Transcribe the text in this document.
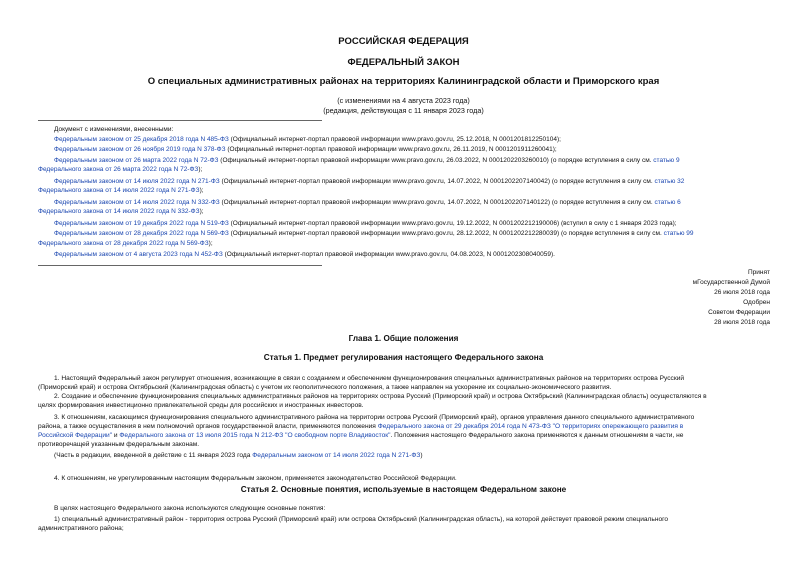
РОССИЙСКАЯ ФЕДЕРАЦИЯ
ФЕДЕРАЛЬНЫЙ ЗАКОН
О специальных административных районах на территориях Калининградской области и Приморского края
(с изменениями на 4 августа 2023 года)
(редакция, действующая с 11 января 2023 года)
Документ с изменениями, внесенными:
Федеральным законом от 25 декабря 2018 года N 485-ФЗ (Официальный интернет-портал правовой информации www.pravo.gov.ru, 25.12.2018, N 0001201812250104);
Федеральным законом от 26 ноября 2019 года N 378-ФЗ (Официальный интернет-портал правовой информации www.pravo.gov.ru, 26.11.2019, N 0001201911260041);
Федеральным законом от 26 марта 2022 года N 72-ФЗ (Официальный интернет-портал правовой информации www.pravo.gov.ru, 26.03.2022, N 0001202203260010) (о порядке вступления в силу см. статью 9
Федерального закона от 26 марта 2022 года N 72-ФЗ);
Федеральным законом от 14 июля 2022 года N 271-ФЗ (Официальный интернет-портал правовой информации www.pravo.gov.ru, 14.07.2022, N 0001202207140042) (о порядке вступления в силу см. статью 32
Федерального закона от 14 июля 2022 года N 271-ФЗ);
Федеральным законом от 14 июля 2022 года N 332-ФЗ (Официальный интернет-портал правовой информации www.pravo.gov.ru, 14.07.2022, N 0001202207140122) (о порядке вступления в силу см. статью 6
Федерального закона от 14 июля 2022 года N 332-ФЗ);
Федеральным законом от 19 декабря 2022 года N 519-ФЗ (Официальный интернет-портал правовой информации www.pravo.gov.ru, 19.12.2022, N 0001202212190006) (вступил в силу с 1 января 2023 года);
Федеральным законом от 28 декабря 2022 года N 569-ФЗ (Официальный интернет-портал правовой информации www.pravo.gov.ru, 28.12.2022, N 0001202212280039) (о порядке вступления в силу см. статью 99
Федерального закона от 28 декабря 2022 года N 569-ФЗ);
Федеральным законом от 4 августа 2023 года N 452-ФЗ (Официальный интернет-портал правовой информации www.pravo.gov.ru, 04.08.2023, N 0001202308040059).
Принят
мГосударственной Думой
26 июля 2018 года
Одобрен
Советом Федерации
28 июля 2018 года
Глава 1. Общие положения
Статья 1. Предмет регулирования настоящего Федерального закона
1. Настоящий Федеральный закон регулирует отношения, возникающие в связи с созданием и обеспечением функционирования специальных административных районов на территориях острова Русский
(Приморский край) и острова Октябрьский (Калининградская область) с учетом их геополитического положения, а также направлен на ускорение их социально-экономического развития.
2. Создание и обеспечение функционирования специальных административных районов на территориях острова Русский (Приморский край) и острова Октябрьский (Калининградская область) осуществляются в
целях формирования инвестиционно привлекательной среды для российских и иностранных инвесторов.
3. К отношениям, касающимся функционирования специального административного района на территории острова Русский (Приморский край), органов управления данного специального административного
района, а также осуществления в нем полномочий органов государственной власти, применяются положения Федерального закона от 29 декабря 2014 года N 473-ФЗ "О территориях опережающего развития в
Российской Федерации" и Федерального закона от 13 июля 2015 года N 212-ФЗ "О свободном порте Владивосток". Положения настоящего Федерального закона применяются к данным отношениям в части, не
противоречащей указанным федеральным законам.
(Часть в редакции, введенной в действие с 11 января 2023 года Федеральным законом от 14 июля 2022 года N 271-ФЗ)
4. К отношениям, не урегулированным настоящим Федеральным законом, применяется законодательство Российской Федерации.
Статья 2. Основные понятия, используемые в настоящем Федеральном законе
В целях настоящего Федерального закона используются следующие основные понятия:
1) специальный административный район - территория острова Русский (Приморский край) или острова Октябрьский (Калининградская область), на которой действует правовой режим специального
административного района;
